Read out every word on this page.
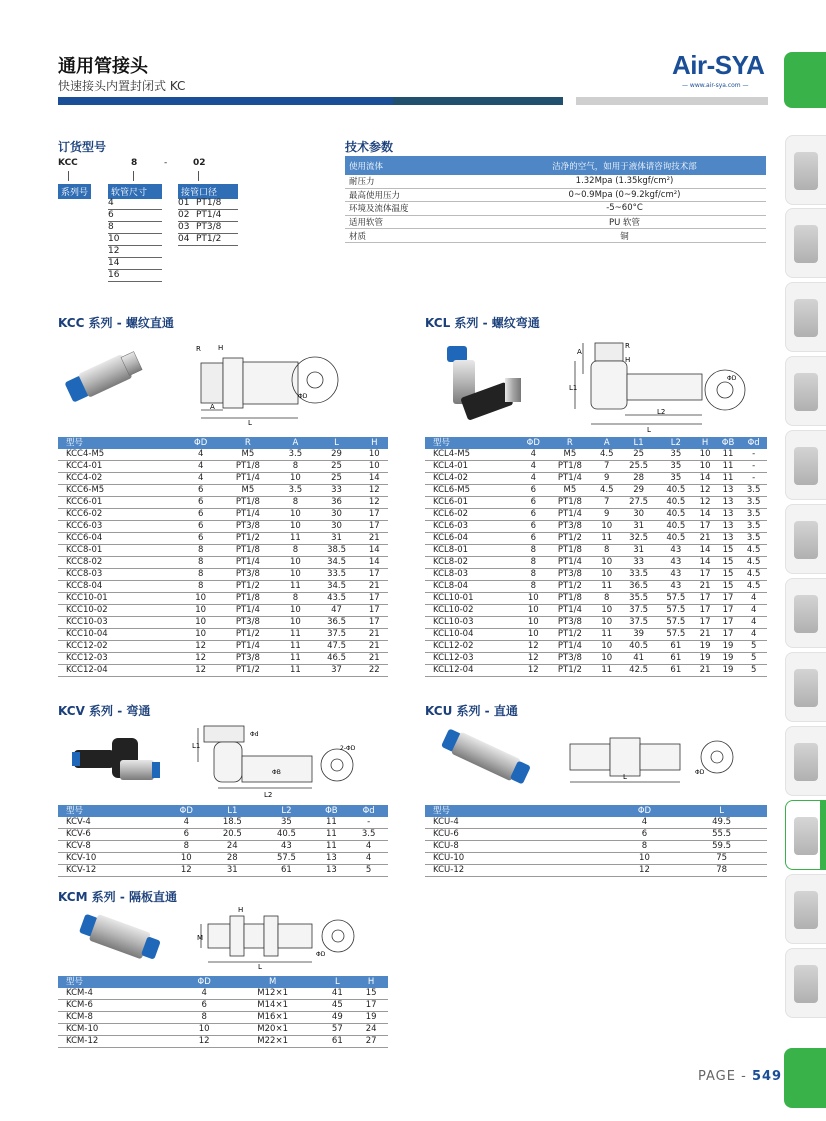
通用管接头
快速接头内置封闭式 KC
Air-SYA
— www.air-sya.com —
订货型号
KCC	8	-	02
系列号	软管尺寸	接管口径
4
6
8
10
12
14
16
01 PT1/8
02 PT1/4
03 PT3/8
04 PT1/2
技术参数
使用流体	洁净的空气，如用于液体请咨询技术部
耐压力	1.32Mpa (1.35kgf/cm²)
最高使用压力	0~0.9Mpa (0~9.2kgf/cm²)
环境及流体温度	-5~60°C
适用软管	PU 软管
材质	铜
KCC 系列 - 螺纹直通
R H
A
L
ΦD
型号	ΦD	R	A	L	H
KCC4-M5	4	M5	3.5	29	10
KCC4-01	4	PT1/8	8	25	10
KCC4-02	4	PT1/4	10	25	14
KCC6-M5	6	M5	3.5	33	12
KCC6-01	6	PT1/8	8	36	12
KCC6-02	6	PT1/4	10	30	17
KCC6-03	6	PT3/8	10	30	17
KCC6-04	6	PT1/2	11	31	21
KCC8-01	8	PT1/8	8	38.5	14
KCC8-02	8	PT1/4	10	34.5	14
KCC8-03	8	PT3/8	10	33.5	17
KCC8-04	8	PT1/2	11	34.5	21
KCC10-01	10	PT1/8	8	43.5	17
KCC10-02	10	PT1/4	10	47	17
KCC10-03	10	PT3/8	10	36.5	17
KCC10-04	10	PT1/2	11	37.5	21
KCC12-02	12	PT1/4	11	47.5	21
KCC12-03	12	PT3/8	11	46.5	21
KCC12-04	12	PT1/2	11	37	22
KCL 系列 - 螺纹弯通
A
L1
L2
L
R
H
ΦD
型号	ΦD	R	A	L1	L2	H	ΦB	Φd
KCL4-M5	4	M5	4.5	25	35	10	11	-
KCL4-01	4	PT1/8	7	25.5	35	10	11	-
KCL4-02	4	PT1/4	9	28	35	14	11	-
KCL6-M5	6	M5	4.5	29	40.5	12	13	3.5
KCL6-01	6	PT1/8	7	27.5	40.5	12	13	3.5
KCL6-02	6	PT1/4	9	30	40.5	14	13	3.5
KCL6-03	6	PT3/8	10	31	40.5	17	13	3.5
KCL6-04	6	PT1/2	11	32.5	40.5	21	13	3.5
KCL8-01	8	PT1/8	8	31	43	14	15	4.5
KCL8-02	8	PT1/4	10	33	43	14	15	4.5
KCL8-03	8	PT3/8	10	33.5	43	17	15	4.5
KCL8-04	8	PT1/2	11	36.5	43	21	15	4.5
KCL10-01	10	PT1/8	8	35.5	57.5	17	17	4
KCL10-02	10	PT1/4	10	37.5	57.5	17	17	4
KCL10-03	10	PT3/8	10	37.5	57.5	17	17	4
KCL10-04	10	PT1/2	11	39	57.5	21	17	4
KCL12-02	12	PT1/4	10	40.5	61	19	19	5
KCL12-03	12	PT3/8	10	41	61	19	19	5
KCL12-04	12	PT1/2	11	42.5	61	21	19	5
KCV 系列 - 弯通
L1
L2
ΦB
Φd
2-ΦD
型号	ΦD	L1	L2	ΦB	Φd
KCV-4	4	18.5	35	11	-
KCV-6	6	20.5	40.5	11	3.5
KCV-8	8	24	43	11	4
KCV-10	10	28	57.5	13	4
KCV-12	12	31	61	13	5
KCU 系列 - 直通
L
ΦD
型号	ΦD	L
KCU-4	4	49.5
KCU-6	6	55.5
KCU-8	8	59.5
KCU-10	10	75
KCU-12	12	78
KCM 系列 - 隔板直通
H
M
L
ΦD
型号	ΦD	M	L	H
KCM-4	4	M12×1	41	15
KCM-6	6	M14×1	45	17
KCM-8	8	M16×1	49	19
KCM-10	10	M20×1	57	24
KCM-12	12	M22×1	61	27
PAGE - 549
